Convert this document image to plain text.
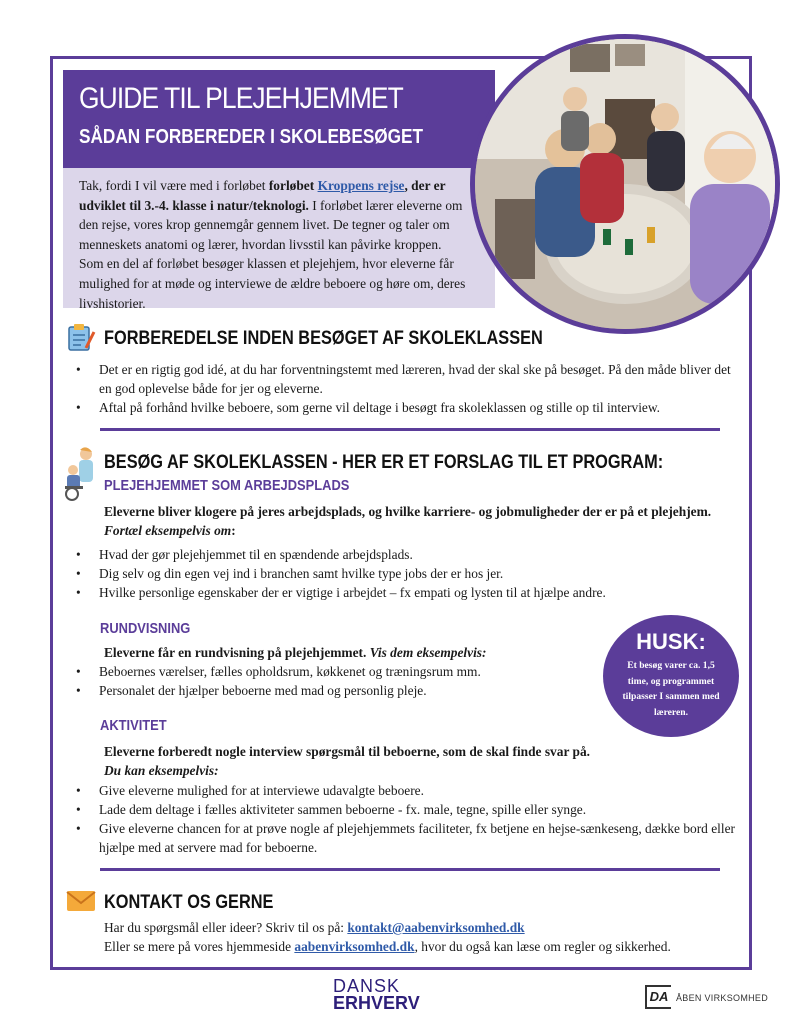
GUIDE TIL PLEJEHJEMMET
SÅDAN FORBEREDER I SKOLEBESØGET
Tak, fordi I vil være med i forløbet forløbet Kroppens rejse, der er udviklet til 3.-4. klasse i natur/teknologi. I forløbet lærer eleverne om den rejse, vores krop gennemgår gennem livet. De tegner og taler om menneskets anatomi og lærer, hvordan livsstil kan påvirke kroppen. Som en del af forløbet besøger klassen et plejehjem, hvor eleverne får mulighed for at møde og interviewe de ældre beboere og høre om, deres livshistorier.
FORBEREDELSE INDEN BESØGET AF SKOLEKLASSEN
• Det er en rigtig god idé, at du har forventningstemt med læreren, hvad der skal ske på besøget. På den måde bliver det en god oplevelse både for jer og eleverne.
• Aftal på forhånd hvilke beboere, som gerne vil deltage i besøgt fra skoleklassen og stille op til interview.
BESØG AF SKOLEKLASSEN - HER ER ET FORSLAG TIL ET PROGRAM:
PLEJEHJEMMET SOM ARBEJDSPLADS
Eleverne bliver klogere på jeres arbejdsplads, og hvilke karriere- og jobmuligheder der er på et plejehjem. Fortæl eksempelvis om:
• Hvad der gør plejehjemmet til en spændende arbejdsplads.
• Dig selv og din egen vej ind i branchen samt hvilke type jobs der er hos jer.
• Hvilke personlige egenskaber der er vigtige i arbejdet – fx empati og lysten til at hjælpe andre.
RUNDVISNING
Eleverne får en rundvisning på plejehjemmet. Vis dem eksempelvis:
• Beboernes værelser, fælles opholdsrum, køkkenet og træningsrum mm.
• Personalet der hjælper beboerne med mad og personlig pleje.
HUSK:
Et besøg varer ca. 1,5 time, og programmet tilpasser I sammen med læreren.
AKTIVITET
Eleverne forberedt nogle interview spørgsmål til beboerne, som de skal finde svar på.
Du kan eksempelvis:
• Give eleverne mulighed for at interviewe udavalgte beboere.
• Lade dem deltage i fælles aktiviteter sammen beboerne - fx. male, tegne, spille eller synge.
• Give eleverne chancen for at prøve nogle af plejehjemmets faciliteter, fx betjene en hejse-sænkeseng, dække bord eller hjælpe med at servere mad for beboerne.
KONTAKT OS GERNE
Har du spørgsmål eller ideer? Skriv til os på: kontakt@aabenvirksomhed.dk
Eller se mere på vores hjemmeside aabenvirksomhed.dk, hvor du også kan læse om regler og sikkerhed.
DANSK
ERHVERV	DA ÅBEN VIRKSOMHED
